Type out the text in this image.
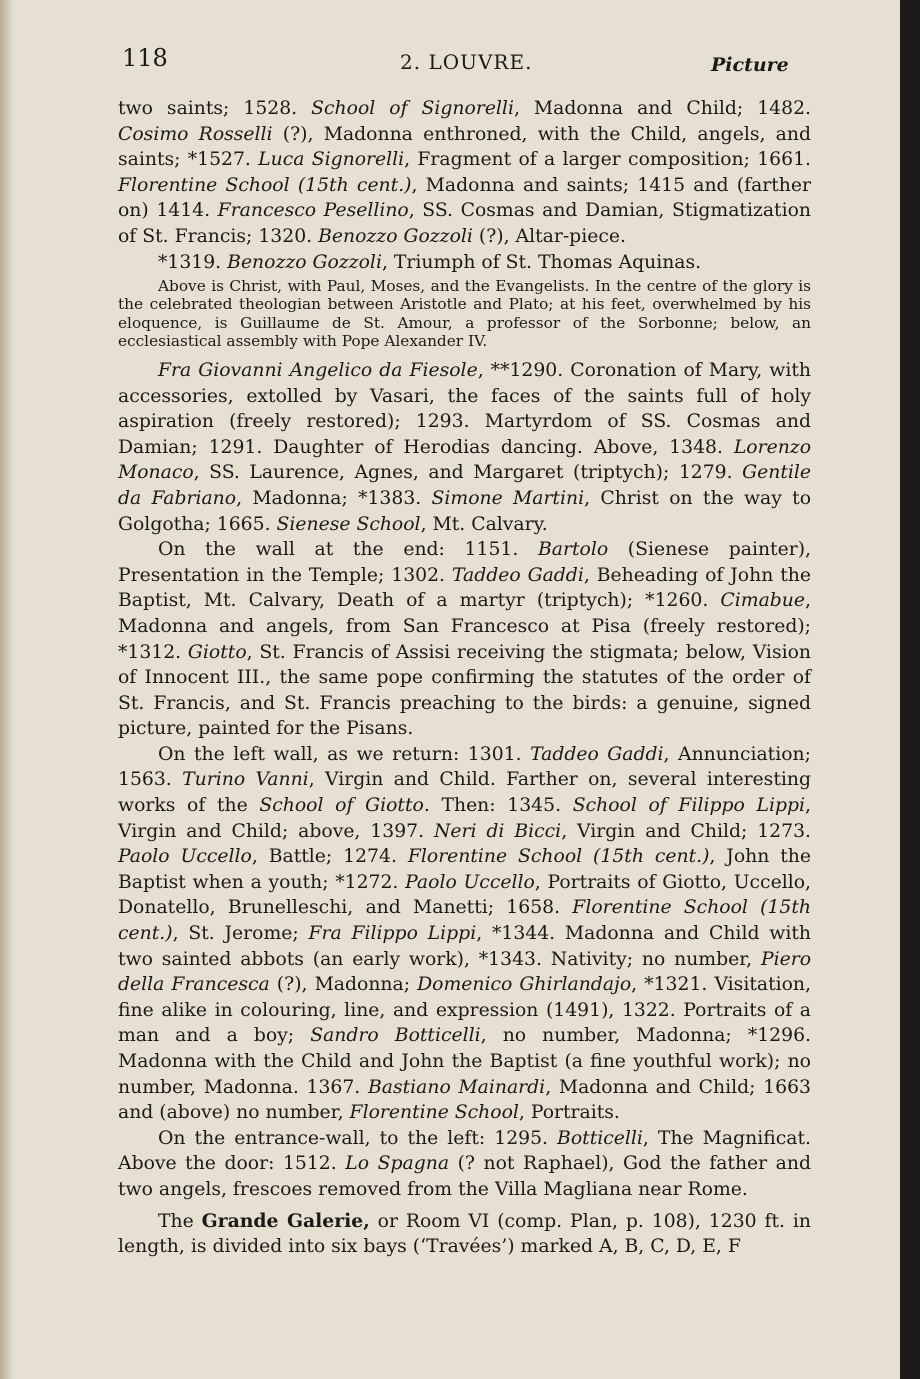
118	2. LOUVRE.	Picture

two saints; 1528. School of Signorelli, Madonna and Child; 1482. Cosimo Rosselli (?), Madonna enthroned, with the Child, angels, and saints; *1527. Luca Signorelli, Fragment of a larger composition; 1661. Florentine School (15th cent.), Madonna and saints; 1415 and (farther on) 1414. Francesco Pesellino, SS. Cosmas and Damian, Stigmatization of St. Francis; 1320. Benozzo Gozzoli (?), Altar-piece.

*1319. Benozzo Gozzoli, Triumph of St. Thomas Aquinas.

Above is Christ, with Paul, Moses, and the Evangelists. In the centre of the glory is the celebrated theologian between Aristotle and Plato; at his feet, overwhelmed by his eloquence, is Guillaume de St. Amour, a professor of the Sorbonne; below, an ecclesiastical assembly with Pope Alexander IV.

Fra Giovanni Angelico da Fiesole, **1290. Coronation of Mary, with accessories, extolled by Vasari, the faces of the saints full of holy aspiration (freely restored); 1293. Martyrdom of SS. Cosmas and Damian; 1291. Daughter of Herodias dancing. Above, 1348. Lorenzo Monaco, SS. Laurence, Agnes, and Margaret (triptych); 1279. Gentile da Fabriano, Madonna; *1383. Simone Martini, Christ on the way to Golgotha; 1665. Sienese School, Mt. Calvary.

On the wall at the end: 1151. Bartolo (Sienese painter), Presentation in the Temple; 1302. Taddeo Gaddi, Beheading of John the Baptist, Mt. Calvary, Death of a martyr (triptych); *1260. Cimabue, Madonna and angels, from San Francesco at Pisa (freely restored); *1312. Giotto, St. Francis of Assisi receiving the stigmata; below, Vision of Innocent III., the same pope confirming the statutes of the order of St. Francis, and St. Francis preaching to the birds: a genuine, signed picture, painted for the Pisans.

On the left wall, as we return: 1301. Taddeo Gaddi, Annunciation; 1563. Turino Vanni, Virgin and Child. Farther on, several interesting works of the School of Giotto. Then: 1345. School of Filippo Lippi, Virgin and Child; above, 1397. Neri di Bicci, Virgin and Child; 1273. Paolo Uccello, Battle; 1274. Florentine School (15th cent.), John the Baptist when a youth; *1272. Paolo Uccello, Portraits of Giotto, Uccello, Donatello, Brunelleschi, and Manetti; 1658. Florentine School (15th cent.), St. Jerome; Fra Filippo Lippi, *1344. Madonna and Child with two sainted abbots (an early work), *1343. Nativity; no number, Piero della Francesca (?), Madonna; Domenico Ghirlandajo, *1321. Visitation, fine alike in colouring, line, and expression (1491), 1322. Portraits of a man and a boy; Sandro Botticelli, no number, Madonna; *1296. Madonna with the Child and John the Baptist (a fine youthful work); no number, Madonna. 1367. Bastiano Mainardi, Madonna and Child; 1663 and (above) no number, Florentine School, Portraits.

On the entrance-wall, to the left: 1295. Botticelli, The Magnificat. Above the door: 1512. Lo Spagna (? not Raphael), God the father and two angels, frescoes removed from the Villa Magliana near Rome.

The Grande Galerie, or Room VI (comp. Plan, p. 108), 1230 ft. in length, is divided into six bays (‘Travées’) marked A, B, C, D, E, F
